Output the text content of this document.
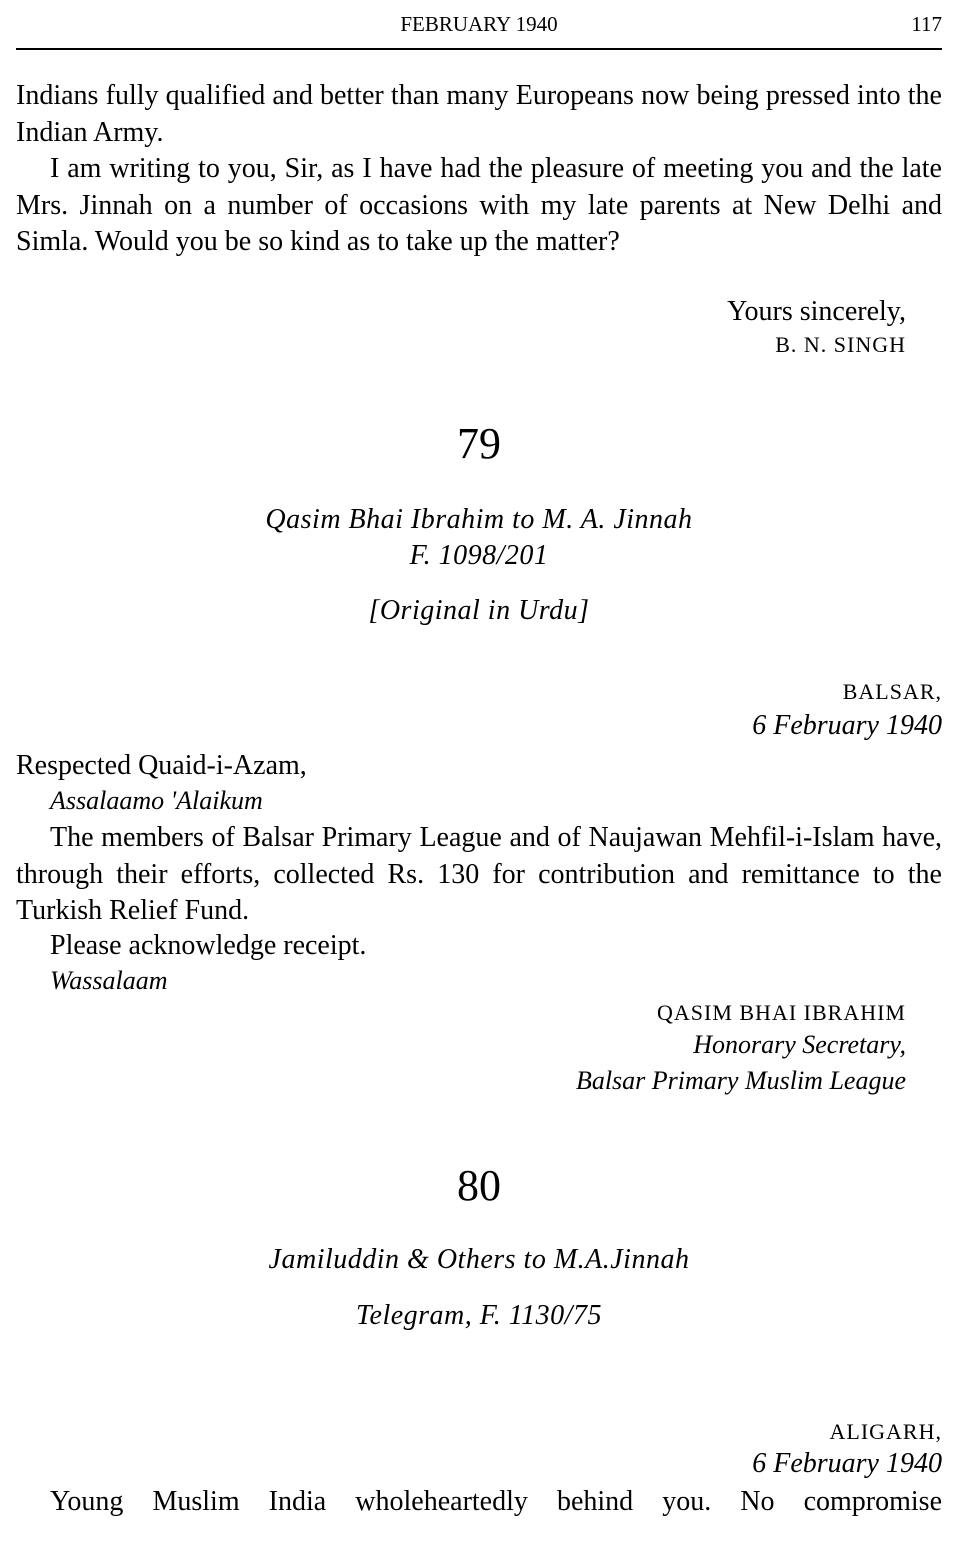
FEBRUARY 1940	117

Indians fully qualified and better than many Europeans now being pressed into the Indian Army.

I am writing to you, Sir, as I have had the pleasure of meeting you and the late Mrs. Jinnah on a number of occasions with my late parents at New Delhi and Simla. Would you be so kind as to take up the matter?

Yours sincerely,
B. N. SINGH
79
Qasim Bhai Ibrahim to M. A. Jinnah
F. 1098/201
[Original in Urdu]
BALSAR,
6 February 1940
Respected Quaid-i-Azam,
Assalaamo 'Alaikum

The members of Balsar Primary League and of Naujawan Mehfil-i-Islam have, through their efforts, collected Rs. 130 for contribution and remittance to the Turkish Relief Fund.

Please acknowledge receipt.
Wassalaam
QASIM BHAI IBRAHIM
Honorary Secretary,
Balsar Primary Muslim League
80
Jamiluddin & Others to M.A.Jinnah
Telegram, F. 1130/75
ALIGARH,
6 February 1940
Young Muslim India wholeheartedly behind you. No compromise
